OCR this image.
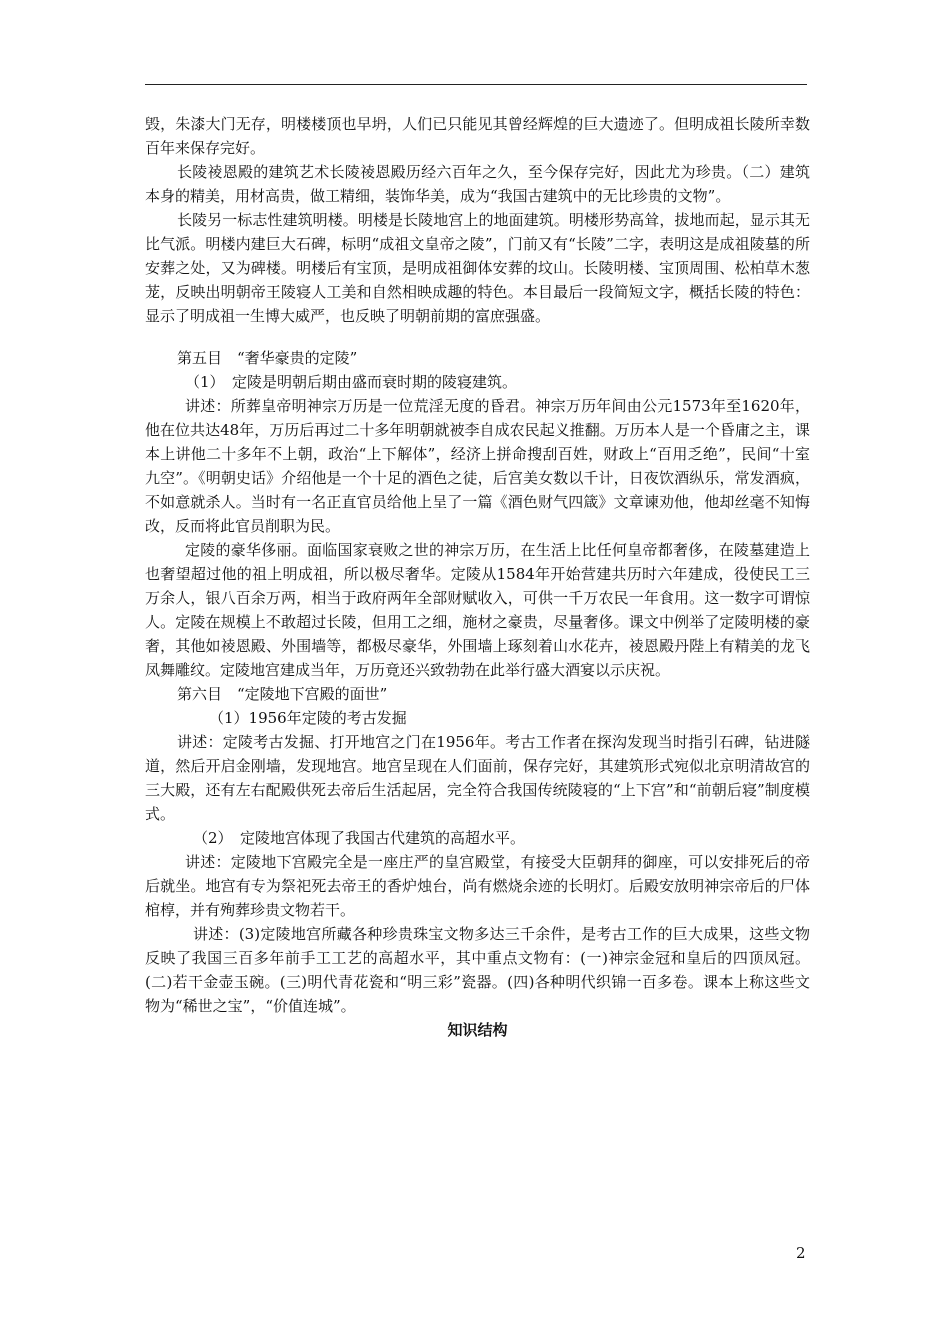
毁，朱漆大门无存，明楼楼顶也早坍，人们已只能见其曾经辉煌的巨大遗迹了。但明成祖长陵所幸数百年来保存完好。

长陵祾恩殿的建筑艺术长陵祾恩殿历经六百年之久，至今保存完好，因此尤为珍贵。（二）建筑本身的精美，用材高贵，做工精细，装饰华美，成为“我国古建筑中的无比珍贵的文物”。

长陵另一标志性建筑明楼。明楼是长陵地宫上的地面建筑。明楼形势高耸，拔地而起，显示其无比气派。明楼内建巨大石碑，标明“成祖文皇帝之陵”，门前又有“长陵”二字，表明这是成祖陵墓的所安葬之处，又为碑楼。明楼后有宝顶，是明成祖御体安葬的坟山。长陵明楼、宝顶周围、松柏草木葱茏，反映出明朝帝王陵寝人工美和自然相映成趣的特色。本目最后一段简短文字，概括长陵的特色：显示了明成祖一生博大威严，也反映了明朝前期的富庶强盛。

第五目　“奢华豪贵的定陵”

（1）　定陵是明朝后期由盛而衰时期的陵寝建筑。

讲述：所葬皇帝明神宗万历是一位荒淫无度的昏君。神宗万历年间由公元1573年至1620年，他在位共达48年，万历后再过二十多年明朝就被李自成农民起义推翻。万历本人是一个昏庸之主，课本上讲他二十多年不上朝，政治“上下解体”，经济上拼命搜刮百姓，财政上“百用乏绝”，民间“十室九空”。《明朝史话》介绍他是一个十足的酒色之徒，后宫美女数以千计，日夜饮酒纵乐，常发酒疯，不如意就杀人。当时有一名正直官员给他上呈了一篇《酒色财气四箴》文章谏劝他，他却丝毫不知悔改，反而将此官员削职为民。

定陵的豪华侈丽。面临国家衰败之世的神宗万历，在生活上比任何皇帝都奢侈，在陵墓建造上也奢望超过他的祖上明成祖，所以极尽奢华。定陵从1584年开始营建共历时六年建成，役使民工三万余人，银八百余万两，相当于政府两年全部财赋收入，可供一千万农民一年食用。这一数字可谓惊人。定陵在规模上不敢超过长陵，但用工之细，施材之豪贵，尽量奢侈。课文中例举了定陵明楼的豪奢，其他如祾恩殿、外围墙等，都极尽豪华，外围墙上琢刻着山水花卉，祾恩殿丹陛上有精美的龙飞凤舞雕纹。定陵地宫建成当年，万历竟还兴致勃勃在此举行盛大酒宴以示庆祝。

第六目　“定陵地下宫殿的面世”

（1）1956年定陵的考古发掘

讲述：定陵考古发掘、打开地宫之门在1956年。考古工作者在探沟发现当时指引石碑，钻进隧道，然后开启金刚墙，发现地宫。地宫呈现在人们面前，保存完好，其建筑形式宛似北京明清故宫的三大殿，还有左右配殿供死去帝后生活起居，完全符合我国传统陵寝的“上下宫”和“前朝后寝”制度模式。

（2）　定陵地宫体现了我国古代建筑的高超水平。

讲述：定陵地下宫殿完全是一座庄严的皇宫殿堂，有接受大臣朝拜的御座，可以安排死后的帝后就坐。地宫有专为祭祀死去帝王的香炉烛台，尚有燃烧余迹的长明灯。后殿安放明神宗帝后的尸体棺椁，并有殉葬珍贵文物若干。

讲述：(3)定陵地宫所藏各种珍贵珠宝文物多达三千余件，是考古工作的巨大成果，这些文物反映了我国三百多年前手工工艺的高超水平，其中重点文物有：(一)神宗金冠和皇后的四顶凤冠。(二)若干金壶玉碗。(三)明代青花瓷和“明三彩”瓷器。(四)各种明代织锦一百多卷。课本上称这些文物为“稀世之宝”，“价值连城”。

知识结构

2
